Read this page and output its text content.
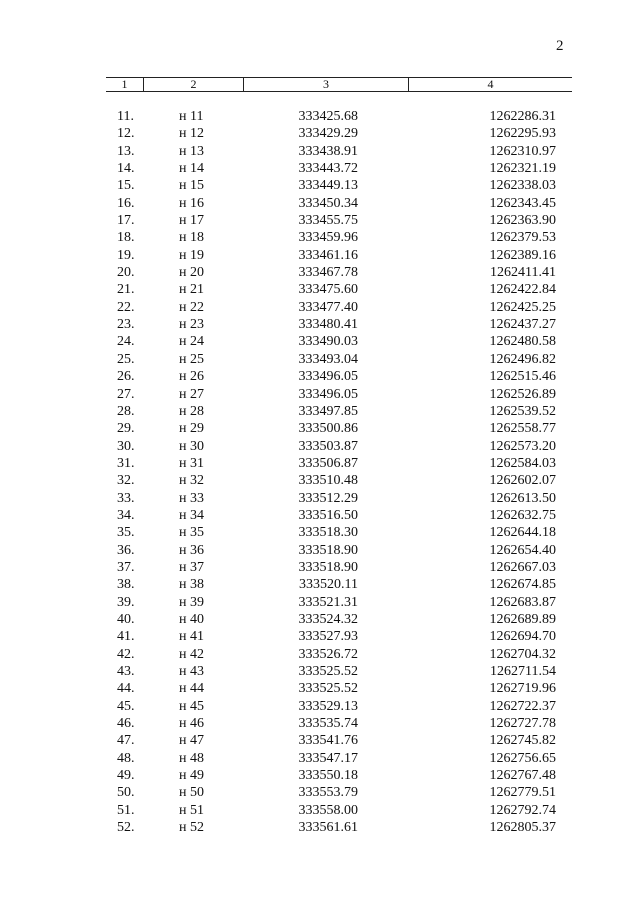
2
1	2	3	4
11.	н 11	333425.68	1262286.31
12.	н 12	333429.29	1262295.93
13.	н 13	333438.91	1262310.97
14.	н 14	333443.72	1262321.19
15.	н 15	333449.13	1262338.03
16.	н 16	333450.34	1262343.45
17.	н 17	333455.75	1262363.90
18.	н 18	333459.96	1262379.53
19.	н 19	333461.16	1262389.16
20.	н 20	333467.78	1262411.41
21.	н 21	333475.60	1262422.84
22.	н 22	333477.40	1262425.25
23.	н 23	333480.41	1262437.27
24.	н 24	333490.03	1262480.58
25.	н 25	333493.04	1262496.82
26.	н 26	333496.05	1262515.46
27.	н 27	333496.05	1262526.89
28.	н 28	333497.85	1262539.52
29.	н 29	333500.86	1262558.77
30.	н 30	333503.87	1262573.20
31.	н 31	333506.87	1262584.03
32.	н 32	333510.48	1262602.07
33.	н 33	333512.29	1262613.50
34.	н 34	333516.50	1262632.75
35.	н 35	333518.30	1262644.18
36.	н 36	333518.90	1262654.40
37.	н 37	333518.90	1262667.03
38.	н 38	333520.11	1262674.85
39.	н 39	333521.31	1262683.87
40.	н 40	333524.32	1262689.89
41.	н 41	333527.93	1262694.70
42.	н 42	333526.72	1262704.32
43.	н 43	333525.52	1262711.54
44.	н 44	333525.52	1262719.96
45.	н 45	333529.13	1262722.37
46.	н 46	333535.74	1262727.78
47.	н 47	333541.76	1262745.82
48.	н 48	333547.17	1262756.65
49.	н 49	333550.18	1262767.48
50.	н 50	333553.79	1262779.51
51.	н 51	333558.00	1262792.74
52.	н 52	333561.61	1262805.37
